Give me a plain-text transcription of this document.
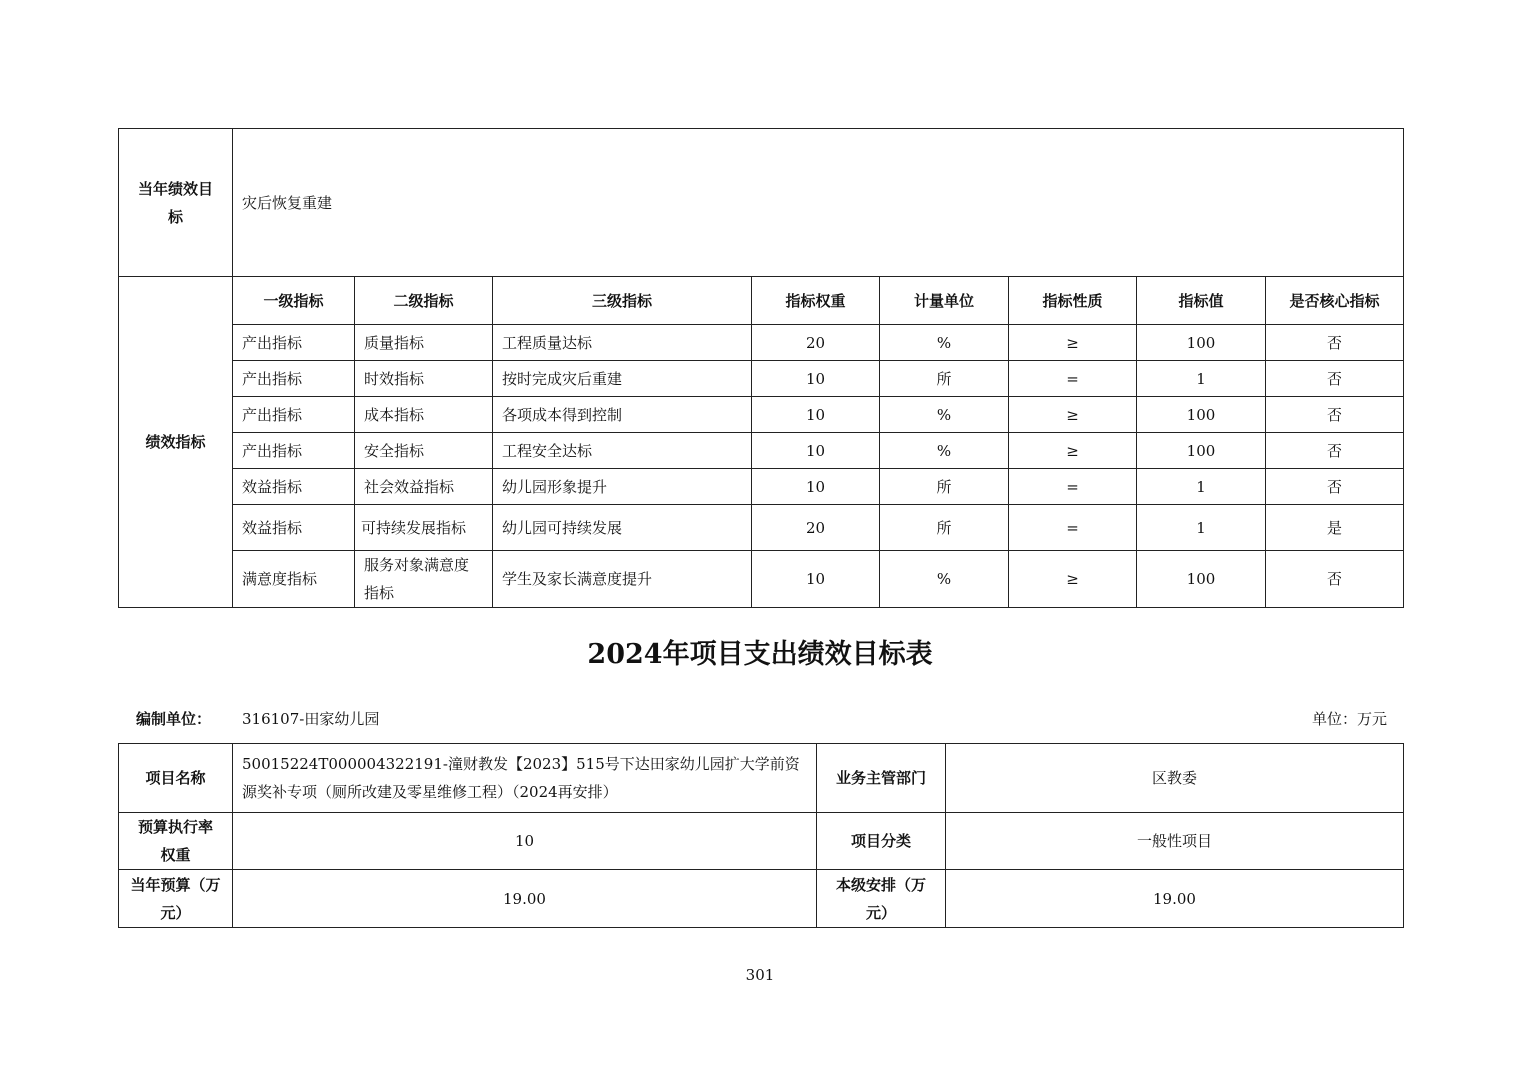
当年绩效目标	灾后恢复重建							
绩效指标	一级指标	二级指标	三级指标	指标权重	计量单位	指标性质	指标值	是否核心指标
	产出指标	质量指标	工程质量达标	20	%	≥	100	否
	产出指标	时效指标	按时完成灾后重建	10	所	=	1	否
	产出指标	成本指标	各项成本得到控制	10	%	≥	100	否
	产出指标	安全指标	工程安全达标	10	%	≥	100	否
	效益指标	社会效益指标	幼儿园形象提升	10	所	=	1	否
	效益指标	可持续发展指标	幼儿园可持续发展	20	所	=	1	是
	满意度指标	服务对象满意度指标	学生及家长满意度提升	10	%	≥	100	否
2024年项目支出绩效目标表
编制单位： 316107-田家幼儿园	单位：万元
项目名称	50015224T000004322191-潼财教发【2023】515号下达田家幼儿园扩大学前资源奖补专项（厕所改建及零星维修工程）（2024再安排）	业务主管部门	区教委
预算执行率权重	10	项目分类	一般性项目
当年预算（万元）	19.00	本级安排（万元）	19.00
301
